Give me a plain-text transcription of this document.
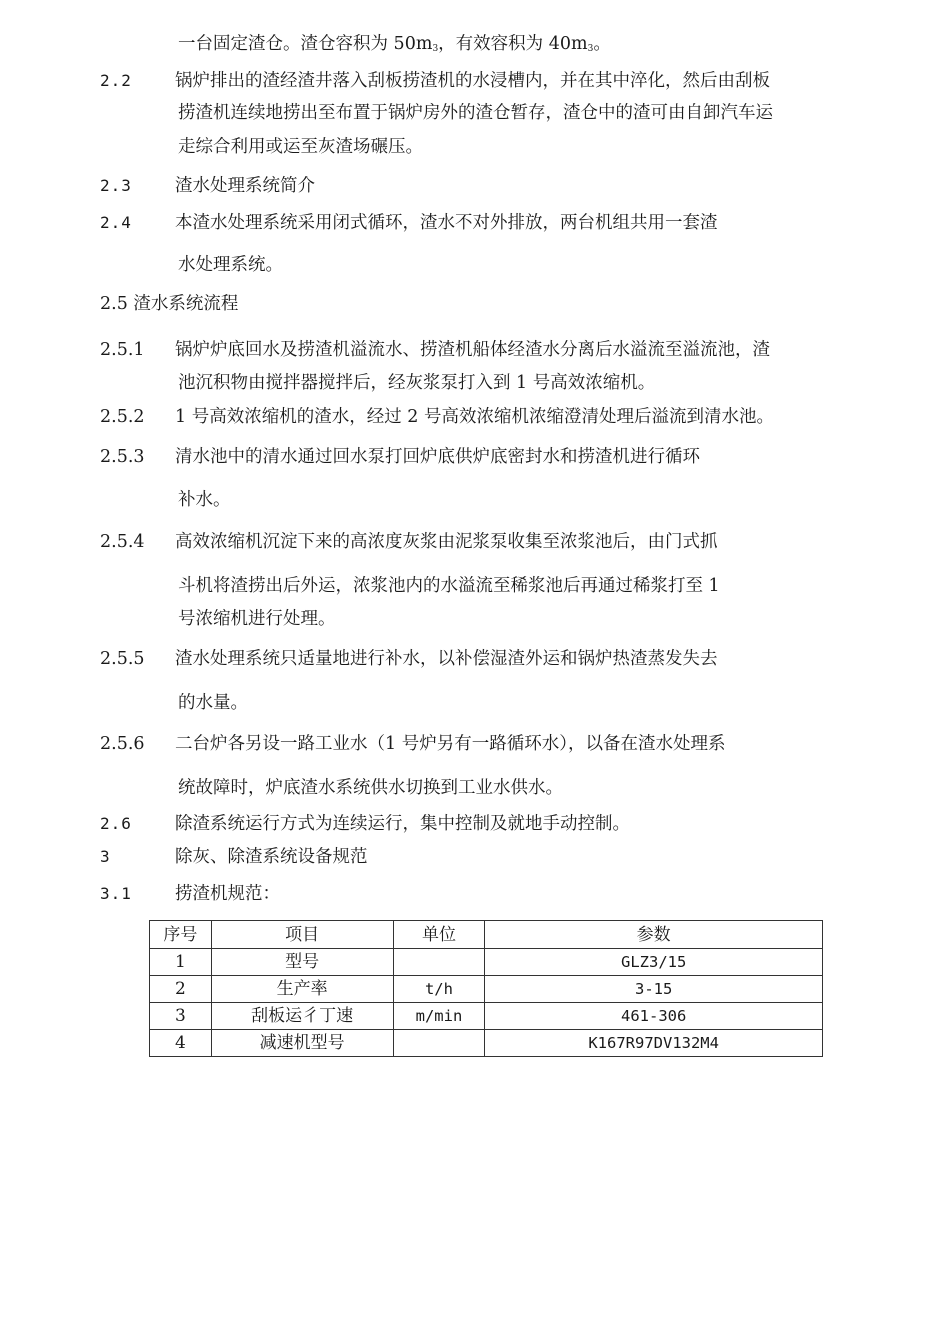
一台固定渣仓。渣仓容积为 $50m_3$，有效容积为 $40m_3$。
2.2 锅炉排出的渣经渣井落入刮板捞渣机的水浸槽内，并在其中淬化，然后由刮板
捞渣机连续地捞出至布置于锅炉房外的渣仓暂存，渣仓中的渣可由自卸汽车运
走综合利用或运至灰渣场碾压。
2.3 渣水处理系统简介
2.4 本渣水处理系统采用闭式循环，渣水不对外排放，两台机组共用一套渣
水处理系统。
2.5 渣水系统流程
2.5.1 锅炉炉底回水及捞渣机溢流水、捞渣机船体经渣水分离后水溢流至溢流池，渣
池沉积物由搅拌器搅拌后，经灰浆泵打入到 1 号高效浓缩机。
2.5.2 1 号高效浓缩机的渣水，经过 2 号高效浓缩机浓缩澄清处理后溢流到清水池。
2.5.3 清水池中的清水通过回水泵打回炉底供炉底密封水和捞渣机进行循环
补水。
2.5.4 高效浓缩机沉淀下来的高浓度灰浆由泥浆泵收集至浓浆池后，由门式抓
斗机将渣捞出后外运，浓浆池内的水溢流至稀浆池后再通过稀浆打至 1
号浓缩机进行处理。
2.5.5 渣水处理系统只适量地进行补水，以补偿湿渣外运和锅炉热渣蒸发失去
的水量。
2.5.6 二台炉各另设一路工业水（1 号炉另有一路循环水），以备在渣水处理系
统故障时，炉底渣水系统供水切换到工业水供水。
2.6 除渣系统运行方式为连续运行，集中控制及就地手动控制。
3	除灰、除渣系统设备规范
3.1 捞渣机规范：
序号	项目	单位	参数
1	型号		GLZ3/15
2	生产率	t/h	3-15
3	刮板运彳丁速	m/min	461-306
4	减速机型号		K167R97DV132M4
